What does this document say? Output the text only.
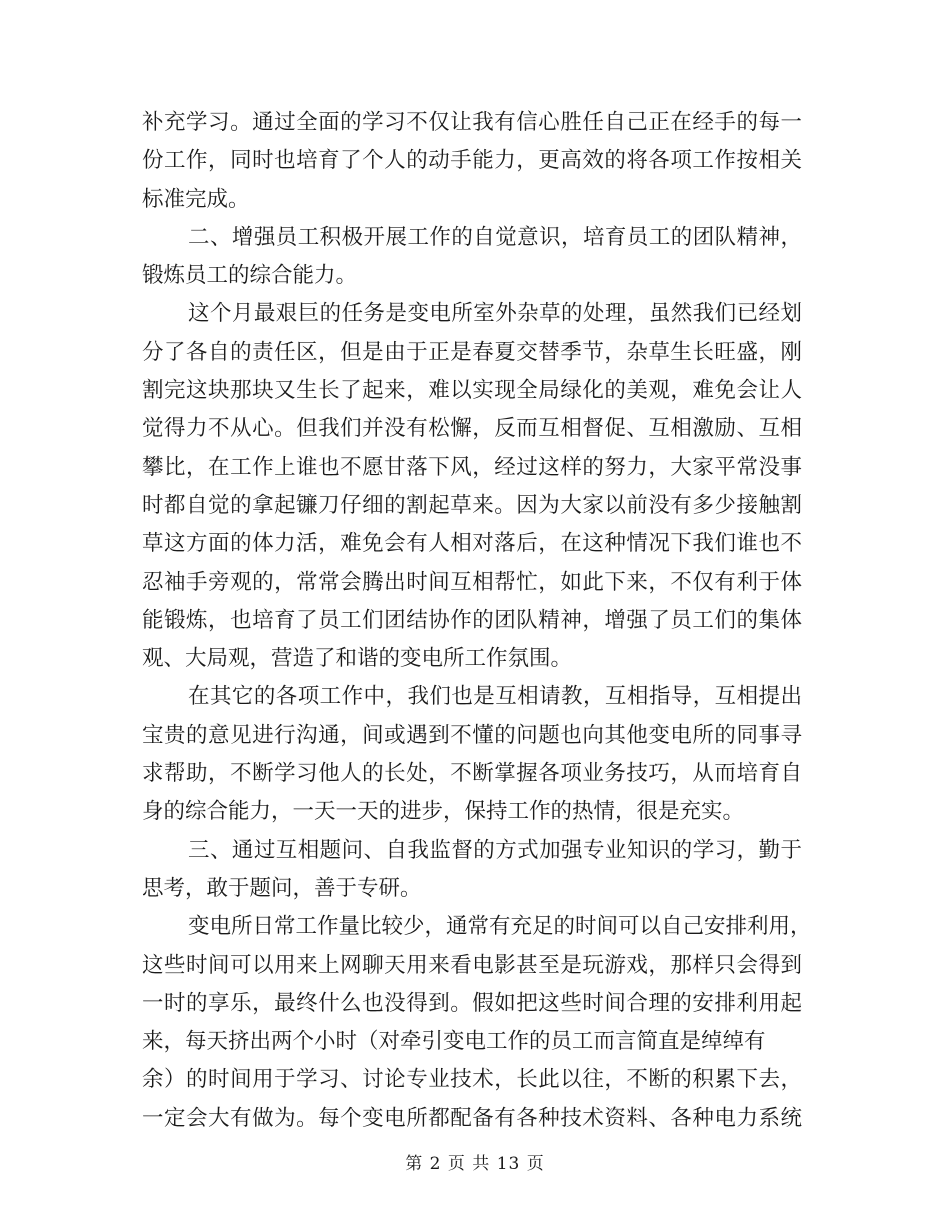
补充学习。通过全面的学习不仅让我有信心胜任自己正在经手的每一
份工作，同时也培育了个人的动手能力，更高效的将各项工作按相关
标准完成。
二、增强员工积极开展工作的自觉意识，培育员工的团队精神，
锻炼员工的综合能力。
这个月最艰巨的任务是变电所室外杂草的处理，虽然我们已经划
分了各自的责任区，但是由于正是春夏交替季节，杂草生长旺盛，刚
割完这块那块又生长了起来，难以实现全局绿化的美观，难免会让人
觉得力不从心。但我们并没有松懈，反而互相督促、互相激励、互相
攀比，在工作上谁也不愿甘落下风，经过这样的努力，大家平常没事
时都自觉的拿起镰刀仔细的割起草来。因为大家以前没有多少接触割
草这方面的体力活，难免会有人相对落后，在这种情况下我们谁也不
忍袖手旁观的，常常会腾出时间互相帮忙，如此下来，不仅有利于体
能锻炼，也培育了员工们团结协作的团队精神，增强了员工们的集体
观、大局观，营造了和谐的变电所工作氛围。
在其它的各项工作中，我们也是互相请教，互相指导，互相提出
宝贵的意见进行沟通，间或遇到不懂的问题也向其他变电所的同事寻
求帮助，不断学习他人的长处，不断掌握各项业务技巧，从而培育自
身的综合能力，一天一天的进步，保持工作的热情，很是充实。
三、通过互相题问、自我监督的方式加强专业知识的学习，勤于
思考，敢于题问，善于专研。
变电所日常工作量比较少，通常有充足的时间可以自己安排利用，
这些时间可以用来上网聊天用来看电影甚至是玩游戏，那样只会得到
一时的享乐，最终什么也没得到。假如把这些时间合理的安排利用起
来，每天挤出两个小时（对牵引变电工作的员工而言简直是绰绰有
余）的时间用于学习、讨论专业技术，长此以往，不断的积累下去，
一定会大有做为。每个变电所都配备有各种技术资料、各种电力系统
第 2 页 共 13 页
